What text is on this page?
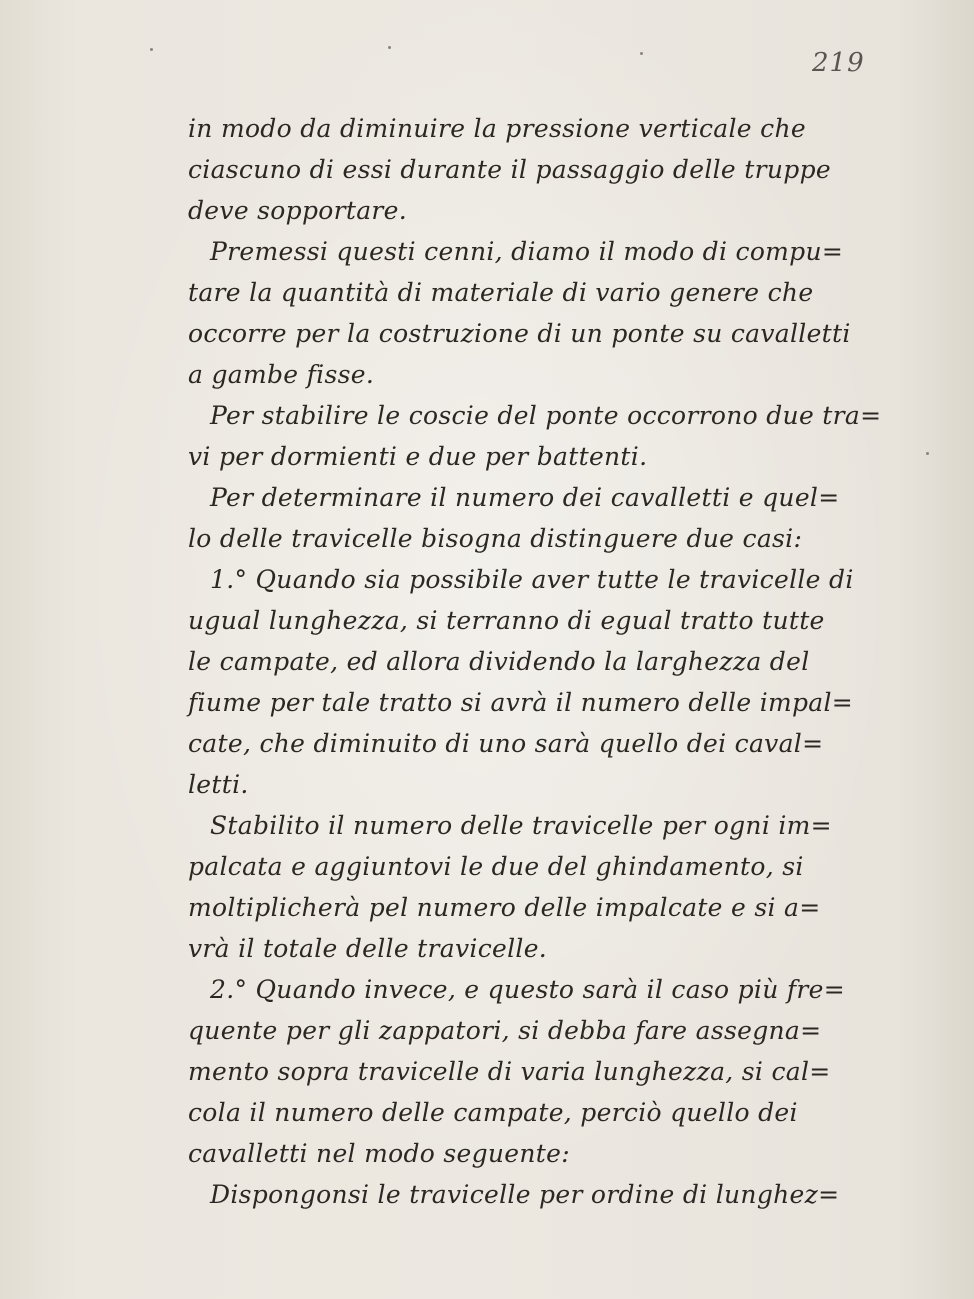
219
in modo da diminuire la pressione verticale che
ciascuno di essi durante il passaggio delle truppe
deve sopportare.
Premessi questi cenni, diamo il modo di compu=
tare la quantità di materiale di vario genere che
occorre per la costruzione di un ponte su cavalletti
a gambe fisse.
Per stabilire le coscie del ponte occorrono due tra=
vi per dormienti e due per battenti.
Per determinare il numero dei cavalletti e quel=
lo delle travicelle bisogna distinguere due casi:
1.° Quando sia possibile aver tutte le travicelle di
ugual lunghezza, si terranno di egual tratto tutte
le campate, ed allora dividendo la larghezza del
fiume per tale tratto si avrà il numero delle impal=
cate, che diminuito di uno sarà quello dei caval=
letti.
Stabilito il numero delle travicelle per ogni im=
palcata e aggiuntovi le due del ghindamento, si
moltiplicherà pel numero delle impalcate e si a=
vrà il totale delle travicelle.
2.° Quando invece, e questo sarà il caso più fre=
quente per gli zappatori, si debba fare assegna=
mento sopra travicelle di varia lunghezza, si cal=
cola il numero delle campate, perciò quello dei
cavalletti nel modo seguente:
Dispongonsi le travicelle per ordine di lunghez=
